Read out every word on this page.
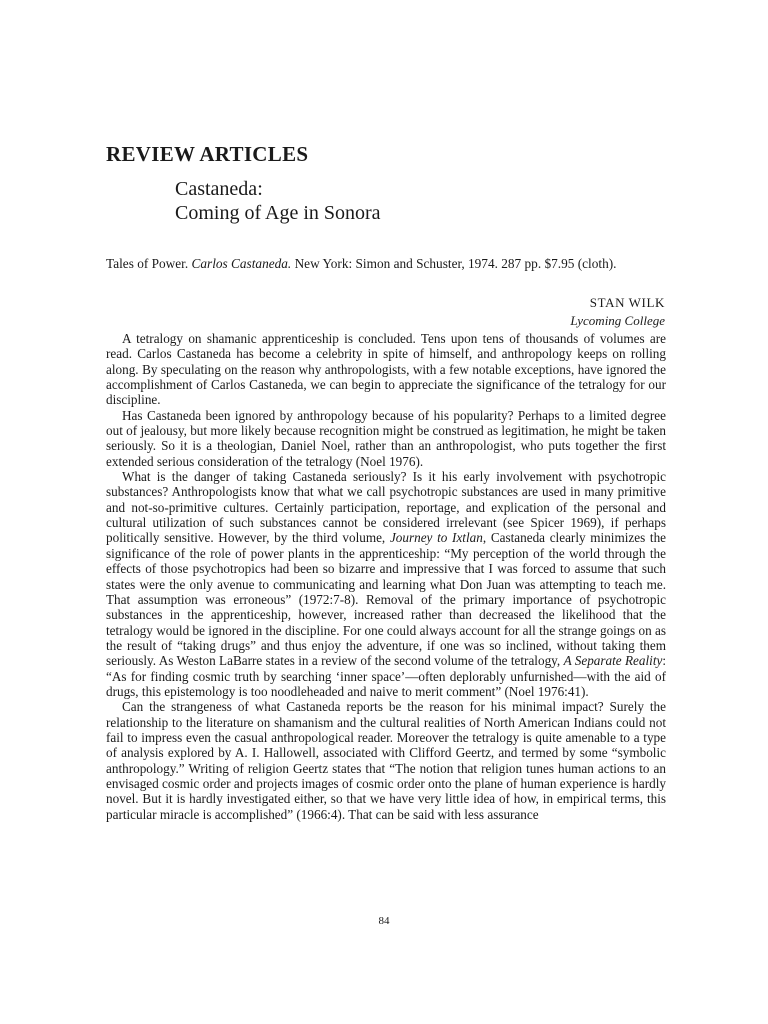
REVIEW ARTICLES
Castaneda:
Coming of Age in Sonora
Tales of Power. Carlos Castaneda. New York: Simon and Schuster, 1974. 287 pp. $7.95 (cloth).
STAN WILK
Lycoming College

A tetralogy on shamanic apprenticeship is concluded. Tens upon tens of thousands of volumes are read. Carlos Castaneda has become a celebrity in spite of himself, and anthropology keeps on rolling along. By speculating on the reason why anthropologists, with a few notable exceptions, have ignored the accomplishment of Carlos Castaneda, we can begin to appreciate the significance of the tetralogy for our discipline.

Has Castaneda been ignored by anthropology because of his popularity? Perhaps to a limited degree out of jealousy, but more likely because recognition might be construed as legitimation, he might be taken seriously. So it is a theologian, Daniel Noel, rather than an anthropologist, who puts together the first extended serious consideration of the tetralogy (Noel 1976).

What is the danger of taking Castaneda seriously? Is it his early involvement with psychotropic substances? Anthropologists know that what we call psychotropic substances are used in many primitive and not-so-primitive cultures. Certainly participation, reportage, and explication of the personal and cultural utilization of such substances cannot be considered irrelevant (see Spicer 1969), if perhaps politically sensitive. However, by the third volume, Journey to Ixtlan, Castaneda clearly minimizes the significance of the role of power plants in the apprenticeship: “My perception of the world through the effects of those psychotropics had been so bizarre and impressive that I was forced to assume that such states were the only avenue to communicating and learning what Don Juan was attempting to teach me. That assumption was erroneous” (1972:7-8). Removal of the primary importance of psychotropic substances in the apprenticeship, however, increased rather than decreased the likelihood that the tetralogy would be ignored in the discipline. For one could always account for all the strange goings on as the result of “taking drugs” and thus enjoy the adventure, if one was so inclined, without taking them seriously. As Weston LaBarre states in a review of the second volume of the tetralogy, A Separate Reality: “As for finding cosmic truth by searching ‘inner space’—often deplorably unfurnished—with the aid of drugs, this epistemology is too noodleheaded and naive to merit comment” (Noel 1976:41).

Can the strangeness of what Castaneda reports be the reason for his minimal impact? Surely the relationship to the literature on shamanism and the cultural realities of North American Indians could not fail to impress even the casual anthropological reader. Moreover the tetralogy is quite amenable to a type of analysis explored by A. I. Hallowell, associated with Clifford Geertz, and termed by some “symbolic anthropology.” Writing of religion Geertz states that “The notion that religion tunes human actions to an envisaged cosmic order and projects images of cosmic order onto the plane of human experience is hardly novel. But it is hardly investigated either, so that we have very little idea of how, in empirical terms, this particular miracle is accomplished” (1966:4). That can be said with less assurance

84
